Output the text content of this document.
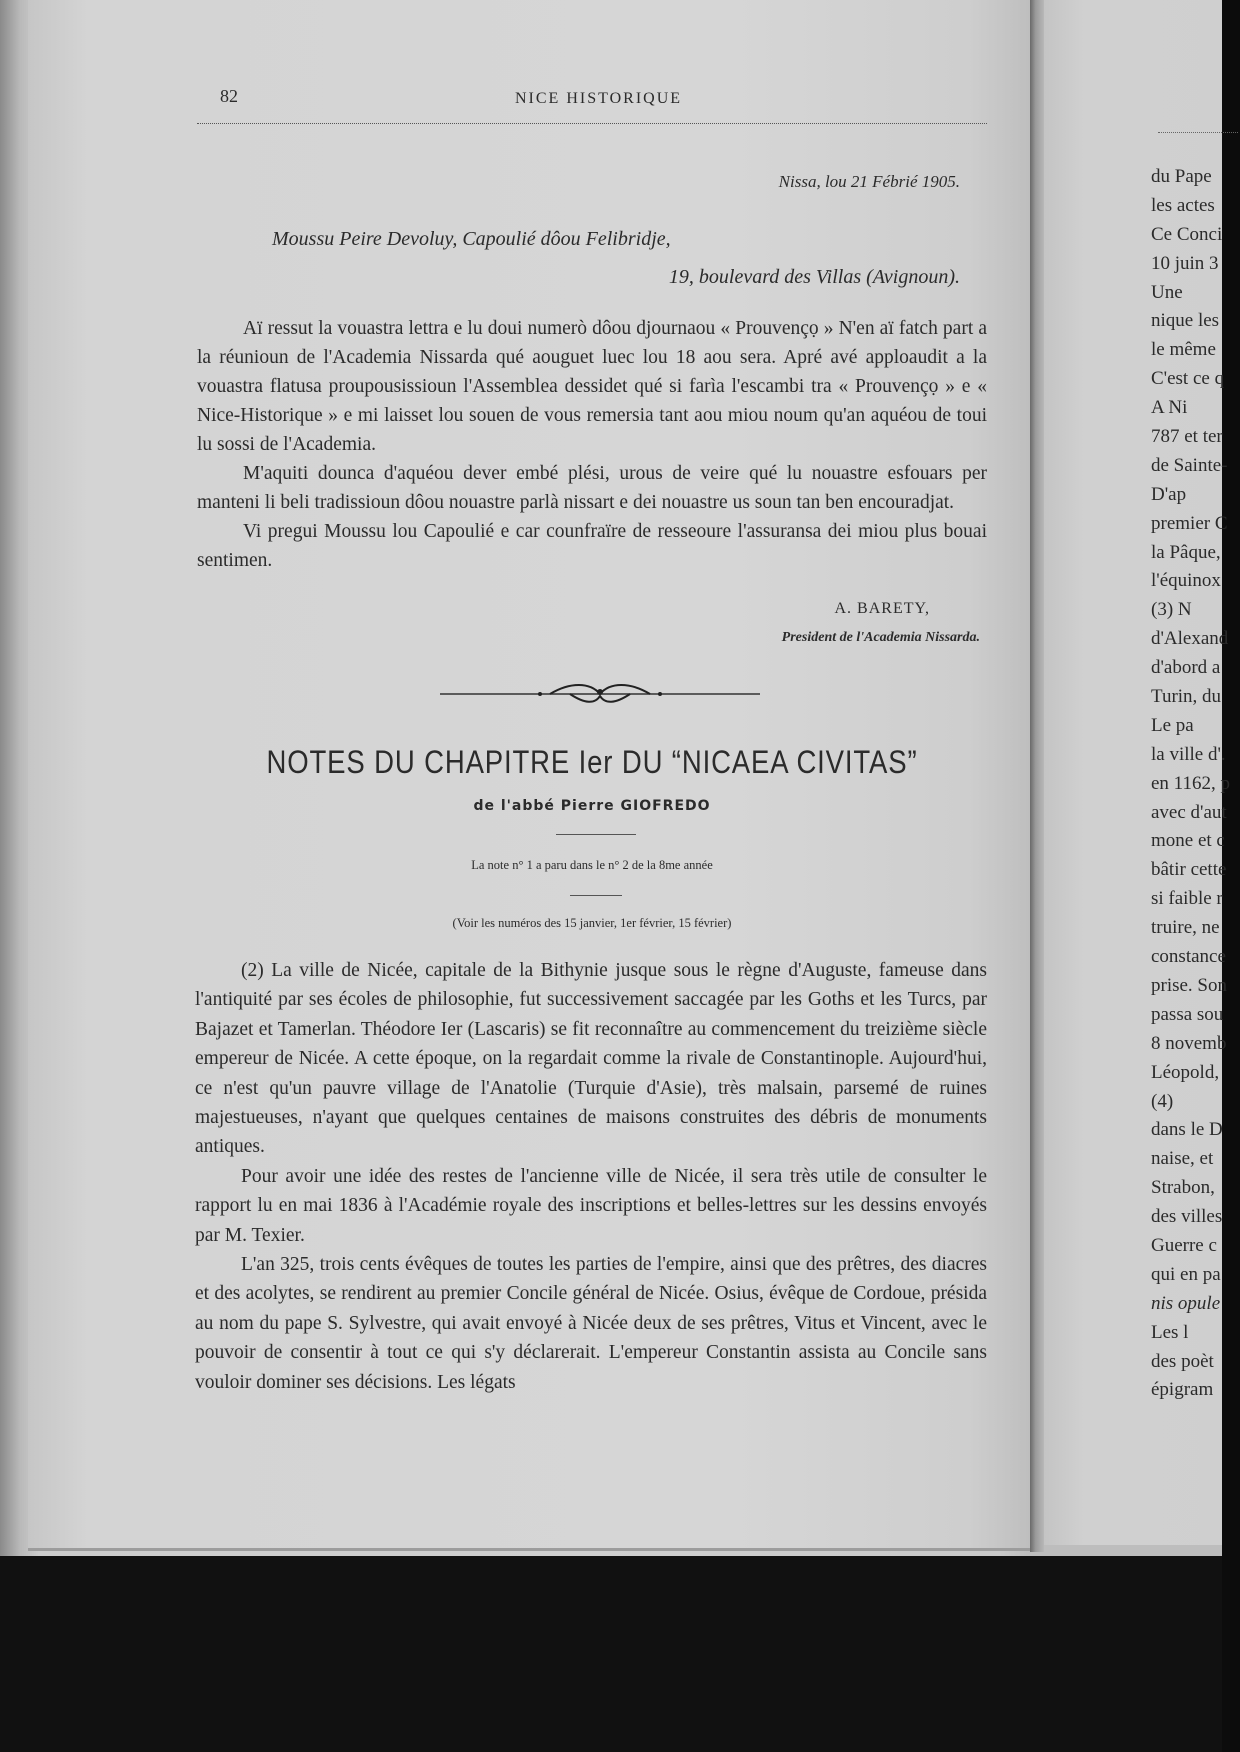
82	NICE HISTORIQUE
Nissa, lou 21 Fébrié 1905.
Moussu Peire Devoluy, Capoulié dôou Felibridje,
19, boulevard des Villas (Avignoun).

Aï ressut la vouastra lettra e lu doui numerò dôou djournaou « Prouvençọ » N'en aï fatch part a la réunioun de l'Academia Nissarda qué aouguet luec lou 18 aou sera. Apré avé apploaudit a la vouastra flatusa proupousissioun l'Assemblea dessidet qué si farìa l'escambi tra « Prouvençọ » e « Nice-Historique » e mi laisset lou souen de vous remersia tant aou miou noum qu'an aquéou de toui lu sossi de l'Academia.

M'aquiti dounca d'aquéou dever embé plési, urous de veire qué lu nouastre esfouars per manteni li beli tradissioun dôou nouastre parlà nissart e dei nouastre us soun tan ben encouradjat.

Vi pregui Moussu lou Capoulié e car counfraïre de resseoure l'assuransa dei miou plus bouai sentimen.

A. BARETY,
President de l'Academia Nissarda.
NOTES DU CHAPITRE Ier DU “NICAEA CIVITAS”
de l'abbé Pierre GIOFREDO
La note n° 1 a paru dans le n° 2 de la 8me année
(Voir les numéros des 15 janvier, 1er février, 15 février)

(2) La ville de Nicée, capitale de la Bithynie jusque sous le règne d'Auguste, fameuse dans l'antiquité par ses écoles de philosophie, fut successivement saccagée par les Goths et les Turcs, par Bajazet et Tamerlan. Théodore Ier (Lascaris) se fit reconnaître au commencement du treizième siècle empereur de Nicée. A cette époque, on la regardait comme la rivale de Constantinople. Aujourd'hui, ce n'est qu'un pauvre village de l'Anatolie (Turquie d'Asie), très malsain, parsemé de ruines majestueuses, n'ayant que quelques centaines de maisons construites des débris de monuments antiques.

Pour avoir une idée des restes de l'ancienne ville de Nicée, il sera très utile de consulter le rapport lu en mai 1836 à l'Académie royale des inscriptions et belles-lettres sur les dessins envoyés par M. Texier.

L'an 325, trois cents évêques de toutes les parties de l'empire, ainsi que des prêtres, des diacres et des acolytes, se rendirent au premier Concile général de Nicée. Osius, évêque de Cordoue, présida au nom du pape S. Sylvestre, qui avait envoyé à Nicée deux de ses prêtres, Vitus et Vincent, avec le pouvoir de consentir à tout ce qui s'y déclarerait. L'empereur Constantin assista au Concile sans vouloir dominer ses décisions. Les légats

du Pape
les actes
Ce Conci
10 juin 3
Une
nique les
le même
C'est ce q
A Ni
787 et ter
de Sainte-
D'ap
premier C
la Pâque,
l'équinox
(3) N
d'Alexand
d'abord a
Turin, du
Le pa
la ville d'.
en 1162, p
avec d'aut
mone et c
bâtir cette
si faible r
truire, ne
constance
prise. Son
passa sou
8 novemb
Léopold,
(4)
dans le D
naise, et
Strabon,
des villes
Guerre c
qui en pa
nis opule
Les l
des poèt
épigram
